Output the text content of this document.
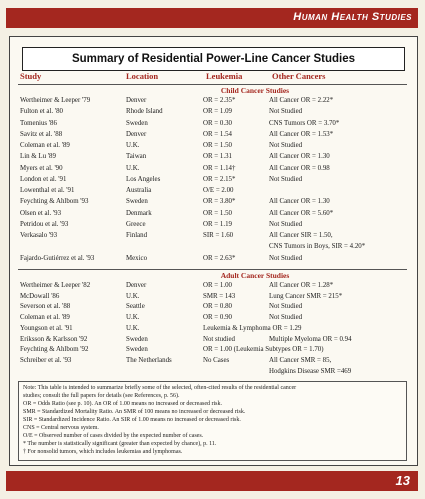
Human Health Studies
Summary of Residential Power-Line Cancer Studies
Study	Location	Leukemia	Other Cancers
Child Cancer Studies
Wertheimer & Leeper '79	Denver	OR = 2.35*	All Cancer OR = 2.22*
Fulton et al. '80	Rhode Island	OR = 1.09	Not Studied
Tomenius '86	Sweden	OR = 0.30	CNS Tumors OR = 3.70*
Savitz et al. '88	Denver	OR = 1.54	All Cancer OR = 1.53*
Coleman et al. '89	U.K.	OR = 1.50	Not Studied
Lin & Lu '89	Taiwan	OR = 1.31	All Cancer OR = 1.30
Myers et al. '90	U.K.	OR = 1.14†	All Cancer OR = 0.98
London et al. '91	Los Angeles	OR = 2.15*	Not Studied
Lowenthal et al. '91	Australia	O/E = 2.00
Feychting & Ahlbom '93	Sweden	OR = 3.80*	All Cancer OR = 1.30
Olsen et al. '93	Denmark	OR = 1.50	All Cancer OR = 5.60*
Petridou et al. '93	Greece	OR = 1.19	Not Studied
Verkasalo '93	Finland	SIR = 1.60	All Cancer SIR = 1.50,
CNS Tumors in Boys, SIR = 4.20*
Fajardo-Gutiérrez et al. '93	Mexico	OR = 2.63*	Not Studied
Adult Cancer Studies
Wertheimer & Leeper '82	Denver	OR = 1.00	All Cancer OR = 1.28*
McDowall '86	U.K.	SMR = 143	Lung Cancer SMR = 215*
Severson et al. '88	Seattle	OR = 0.80	Not Studied
Coleman et al. '89	U.K.	OR = 0.90	Not Studied
Youngson et al. '91	U.K.	Leukemia & Lymphoma OR = 1.29
Eriksson & Karlsson '92	Sweden	Not studied	Multiple Myeloma OR = 0.94
Feychting & Ahlbom '92	Sweden	OR = 1.00 (Leukemia Subtypes OR = 1.70)
Schreiber et al. '93	The Netherlands	No Cases	All Cancer SMR = 85,
Hodgkins Disease SMR =469
Note: This table is intended to summarize briefly some of the selected, often-cited results of the residential cancer
studies; consult the full papers for details (see References, p. 56).
OR = Odds Ratio (see p. 10). An OR of 1.00 means no increased or decreased risk.
SMR = Standardized Mortality Ratio. An SMR of 100 means no increased or decreased risk.
SIR = Standardized Incidence Ratio. An SIR of 1.00 means no increased or decreased risk.
CNS = Central nervous system.
O/E = Observed number of cases divided by the expected number of cases.
* The number is statistically significant (greater than expected by chance), p. 11.
† For nonsolid tumors, which includes leukemias and lymphomas.
13
